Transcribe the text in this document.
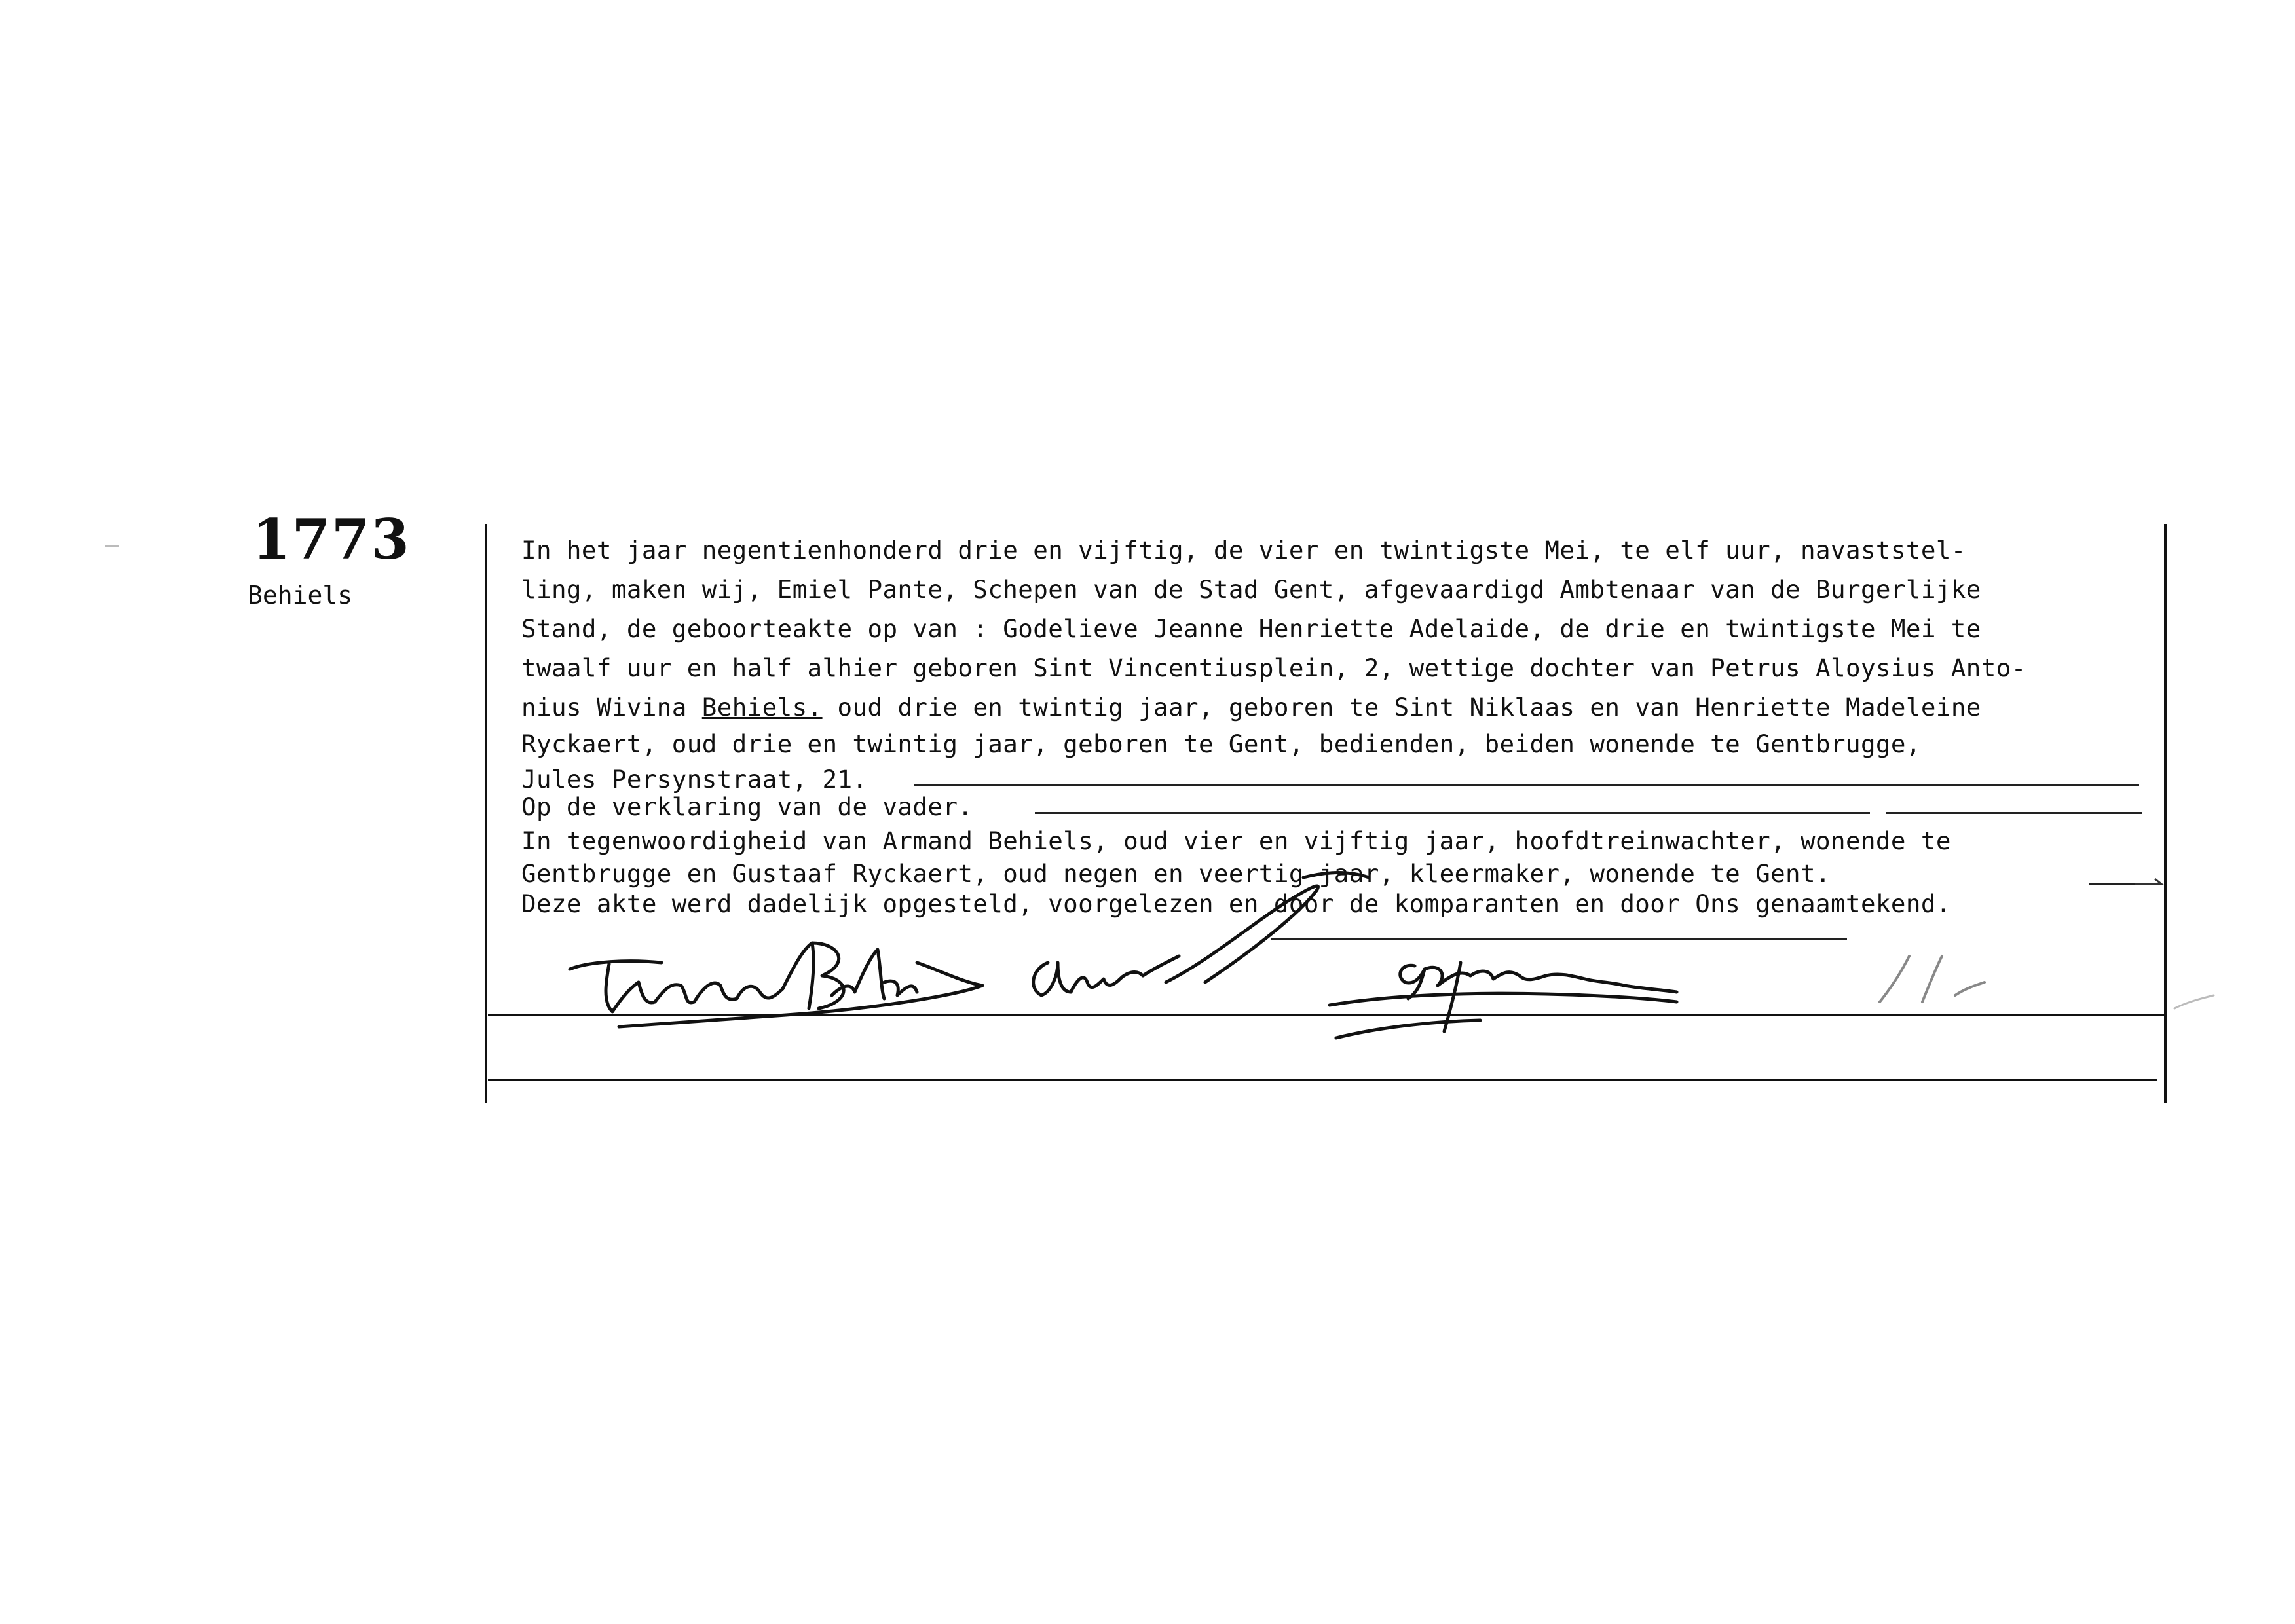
1773
Behiels
In het jaar negentienhonderd drie en vijftig, de vier en twintigste Mei, te elf uur, navaststel-
ling, maken wij, Emiel Pante, Schepen van de Stad Gent, afgevaardigd Ambtenaar van de Burgerlijke
Stand, de geboorteakte op van : Godelieve Jeanne Henriette Adelaide, de drie en twintigste Mei te
twaalf uur en half alhier geboren Sint Vincentiusplein, 2, wettige dochter van Petrus Aloysius Anto-
nius Wivina Behiels. oud drie en twintig jaar, geboren te Sint Niklaas en van Henriette Madeleine
Ryckaert, oud drie en twintig jaar, geboren te Gent, bedienden, beiden wonende te Gentbrugge,
Jules Persynstraat, 21.
Op de verklaring van de vader.
In tegenwoordigheid van Armand Behiels, oud vier en vijftig jaar, hoofdtreinwachter, wonende te
Gentbrugge en Gustaaf Ryckaert, oud negen en veertig jaar, kleermaker, wonende te Gent.
Deze akte werd dadelijk opgesteld, voorgelezen en door de komparanten en door Ons genaamtekend.
